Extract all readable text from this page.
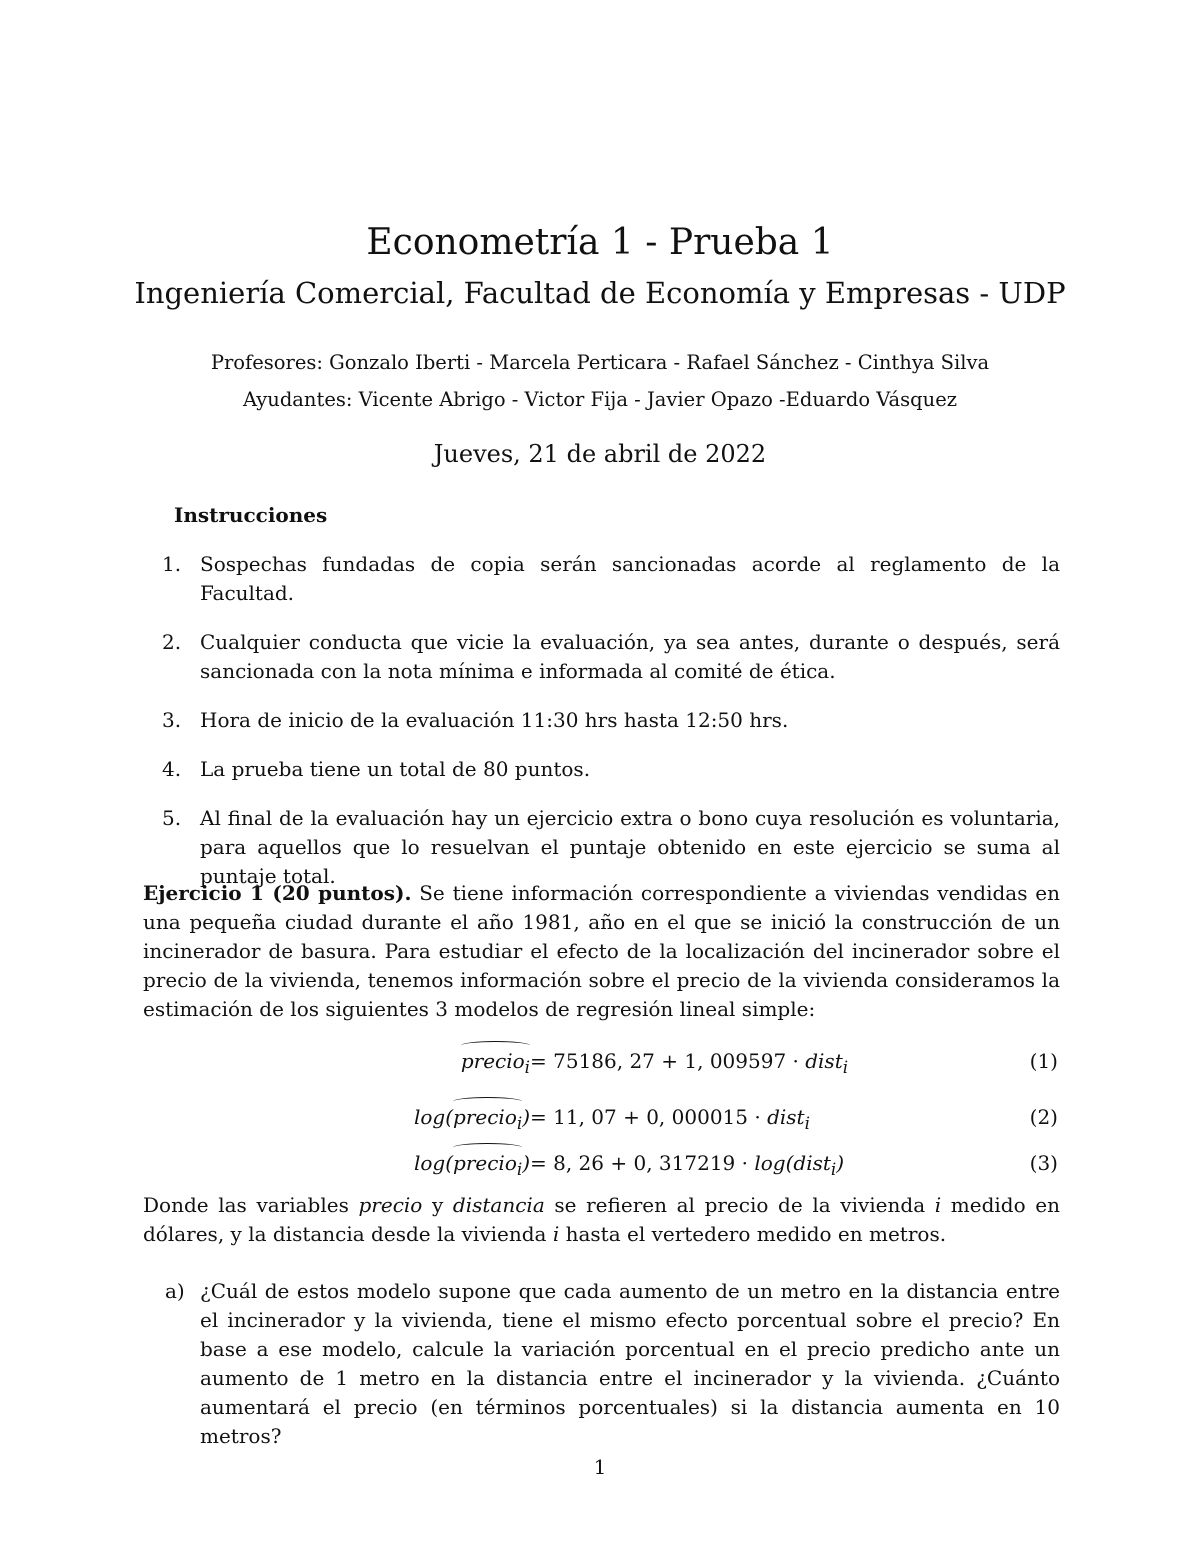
Econometría 1 - Prueba 1
Ingeniería Comercial, Facultad de Economía y Empresas - UDP
Profesores: Gonzalo Iberti - Marcela Perticara - Rafael Sánchez - Cinthya Silva
Ayudantes: Vicente Abrigo - Victor Fija - Javier Opazo -Eduardo Vásquez
Jueves, 21 de abril de 2022
Instrucciones
1. Sospechas fundadas de copia serán sancionadas acorde al reglamento de la Facultad.
2. Cualquier conducta que vicie la evaluación, ya sea antes, durante o después, será sancionada con la nota mínima e informada al comité de ética.
3. Hora de inicio de la evaluación 11:30 hrs hasta 12:50 hrs.
4. La prueba tiene un total de 80 puntos.
5. Al final de la evaluación hay un ejercicio extra o bono cuya resolución es voluntaria, para aquellos que lo resuelvan el puntaje obtenido en este ejercicio se suma al puntaje total.
Ejercicio 1 (20 puntos). Se tiene información correspondiente a viviendas vendidas en una pequeña ciudad durante el año 1981, año en el que se inició la construcción de un incinerador de basura. Para estudiar el efecto de la localización del incinerador sobre el precio de la vivienda, tenemos información sobre el precio de la vivienda consideramos la estimación de los siguientes 3 modelos de regresión lineal simple:
precio$_i$ = 75186, 27 + 1, 009597 · dist$_i$	(1)
log(precio$_i$) = 11, 07 + 0, 000015 · dist$_i$	(2)
log(precio$_i$) = 8, 26 + 0, 317219 · log(dist$_i$)	(3)
Donde las variables precio y distancia se refieren al precio de la vivienda i medido en dólares, y la distancia desde la vivienda i hasta el vertedero medido en metros.
a) ¿Cuál de estos modelo supone que cada aumento de un metro en la distancia entre el incinerador y la vivienda, tiene el mismo efecto porcentual sobre el precio? En base a ese modelo, calcule la variación porcentual en el precio predicho ante un aumento de 1 metro en la distancia entre el incinerador y la vivienda. ¿Cuánto aumentará el precio (en términos porcentuales) si la distancia aumenta en 10 metros?
1
